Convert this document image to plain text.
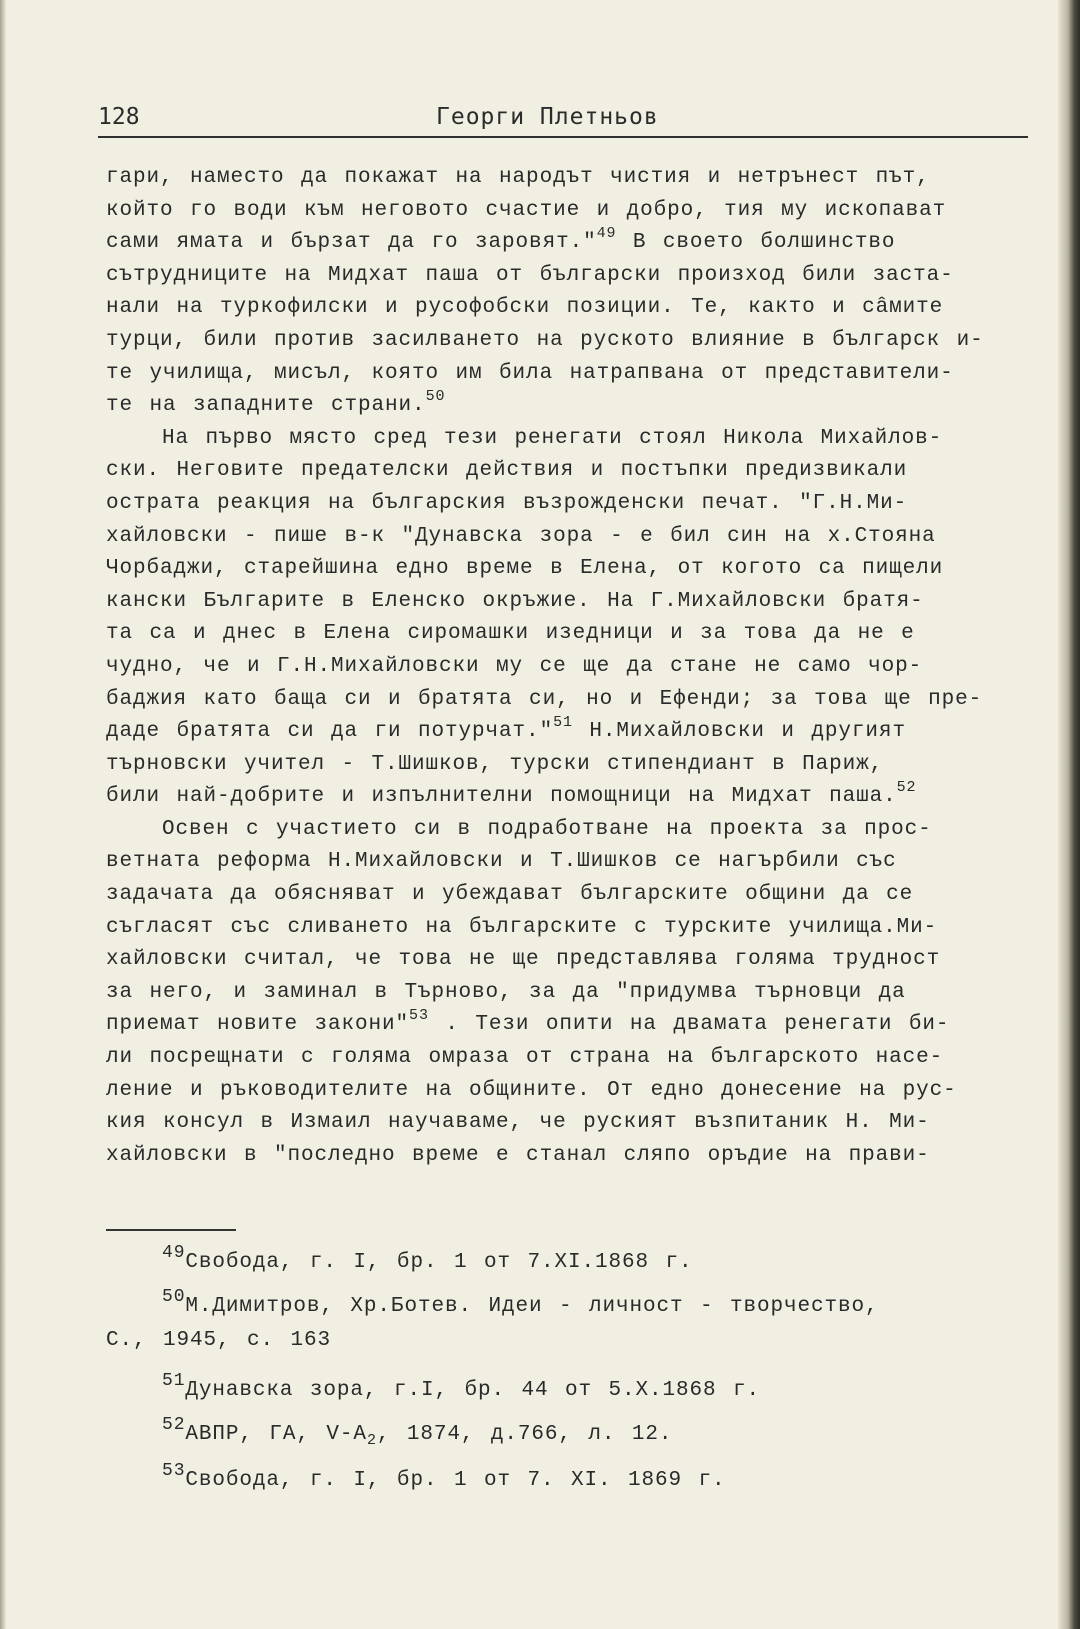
128	Георги Плетньов
гари, наместо да покажат на народът чистия и нетрънест път,
който го води към неговото счастие и добро, тия му ископават
сами ямата и бързат да го заровят."$^{49}$ В своето болшинство
сътрудниците на Мидхат паша от български произход били заста-
нали на туркофилски и русофобски позиции. Те, както и сâмите
турци, били против засилването на руското влияние в българск и-
те училища, мисъл, която им била натрапвана от представители-
те на западните страни.$^{50}$
На първо място сред тези ренегати стоял Никола Михайлов-
ски. Неговите предателски действия и постъпки предизвикали
острата реакция на българския възрожденски печат. "Г.Н.Ми-
хайловски - пише в-к "Дунавска зора - е бил син на х.Стояна
Чорбаджи, старейшина едно време в Елена, от когото са пищели
кански Българите в Еленско окръжие. На Г.Михайловски братя-
та са и днес в Елена сиромашки изедници и за това да не е
чудно, че и Г.Н.Михайловски му се ще да стане не само чор-
баджия като баща си и братята си, но и Ефенди; за това ще пре-
даде братята си да ги потурчат."$^{51}$ Н.Михайловски и другият
търновски учител - Т.Шишков, турски стипендиант в Париж,
били най-добрите и изпълнителни помощници на Мидхат паша.$^{52}$
Освен с участието си в подработване на проекта за прос-
ветната реформа Н.Михайловски и Т.Шишков се нагърбили със
задачата да обясняват и убеждават българските общини да се
съгласят със сливането на българските с турските училища.Ми-
хайловски считал, че това не ще представлява голяма трудност
за него, и заминал в Търново, за да "придумва търновци да
приемат новите закони"$^{53}$ . Тези опити на двамата ренегати би-
ли посрещнати с голяма омраза от страна на българското насе-
ление и ръководителите на общините. От едно донесение на рус-
кия консул в Измаил научаваме, че руският възпитаник Н. Ми-
хайловски в "последно време е станал сляпо оръдие на прави-
49Свобода, г. I, бр. 1 от 7.XI.1868 г.
50М.Димитров, Хр.Ботев. Идеи - личност - творчество,
С., 1945, с. 163
51Дунавска зора, г.I, бр. 44 от 5.X.1868 г.
52АВПР, ГА, $V-А_2$, 1874, д.766, л. 12.
53Свобода, г. I, бр. 1 от 7. XI. 1869 г.
